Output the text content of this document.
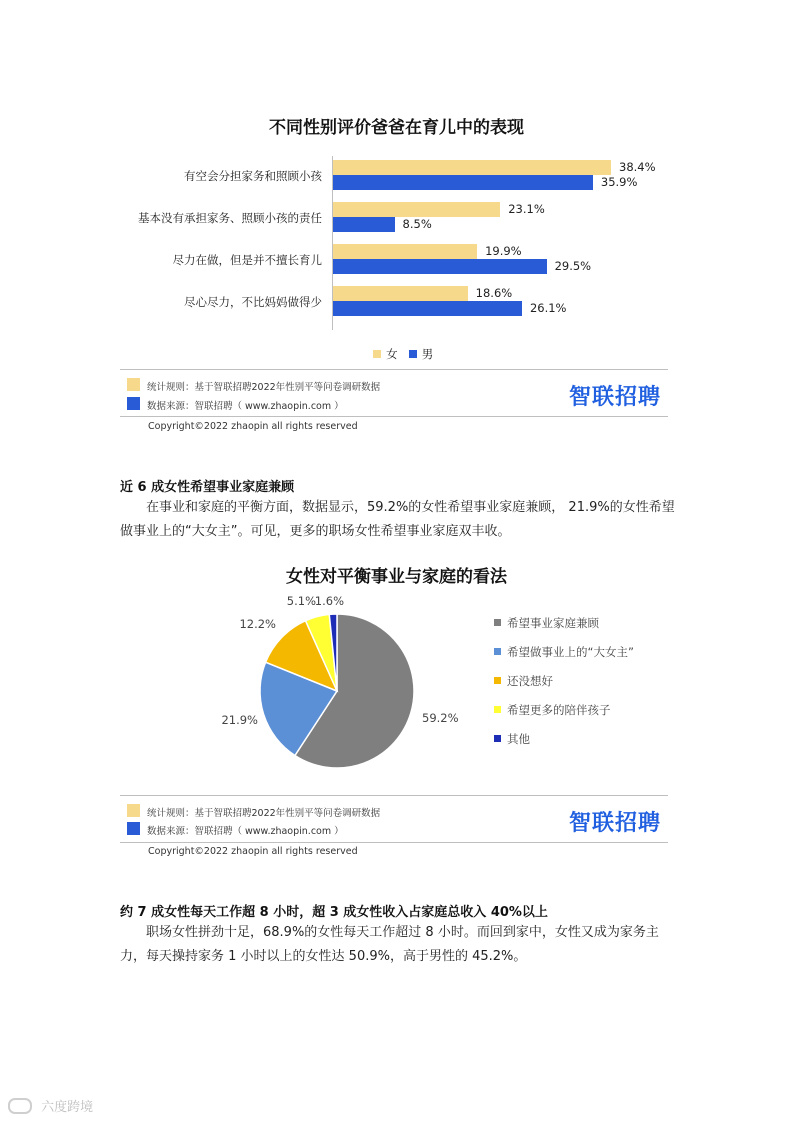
不同性别评价爸爸在育儿中的表现
有空会分担家务和照顾小孩
38.4%
35.9%
基本没有承担家务、照顾小孩的责任
23.1%
8.5%
尽力在做，但是并不擅长育儿
19.9%
29.5%
尽心尽力，不比妈妈做得少
18.6%
26.1%
女 男
统计规则：基于智联招聘2022年性别平等问卷调研数据
数据来源：智联招聘（ www.zhaopin.com ）	智联招聘
Copyright©2022 zhaopin all rights reserved
近 6 成女性希望事业家庭兼顾
在事业和家庭的平衡方面，数据显示，59.2%的女性希望事业家庭兼顾， 21.9%的女性希望做事业上的“大女主”。可见，更多的职场女性希望事业家庭双丰收。
女性对平衡事业与家庭的看法
59.2%
21.9%
12.2%
5.1%
1.6%
希望事业家庭兼顾
希望做事业上的“大女主”
还没想好
希望更多的陪伴孩子
其他
统计规则：基于智联招聘2022年性别平等问卷调研数据
数据来源：智联招聘（ www.zhaopin.com ）	智联招聘
Copyright©2022 zhaopin all rights reserved
约 7 成女性每天工作超 8 小时，超 3 成女性收入占家庭总收入 40%以上
职场女性拼劲十足，68.9%的女性每天工作超过 8 小时。而回到家中，女性又成为家务主力，每天操持家务 1 小时以上的女性达 50.9%，高于男性的 45.2%。
六度跨境
